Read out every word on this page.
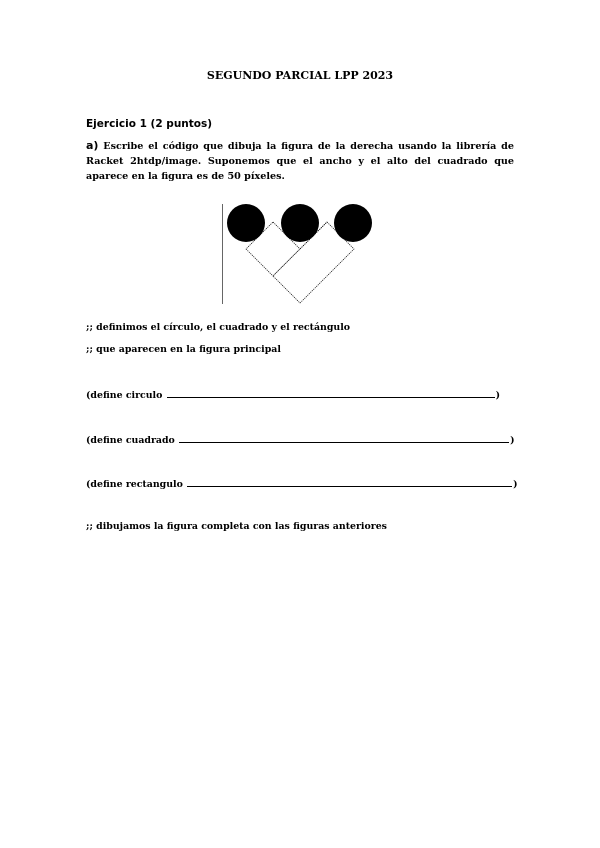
SEGUNDO PARCIAL LPP 2023
Ejercicio 1 (2 puntos)
a) Escribe el código que dibuja la figura de la derecha usando la librería de Racket 2htdp/image. Suponemos que el ancho y el alto del cuadrado que aparece en la figura es de 50 píxeles.
;; definimos el círculo, el cuadrado y el rectángulo
;; que aparecen en la figura principal
(define circulo	)
(define cuadrado	)
(define rectangulo	)
;; dibujamos la figura completa con las figuras anteriores
